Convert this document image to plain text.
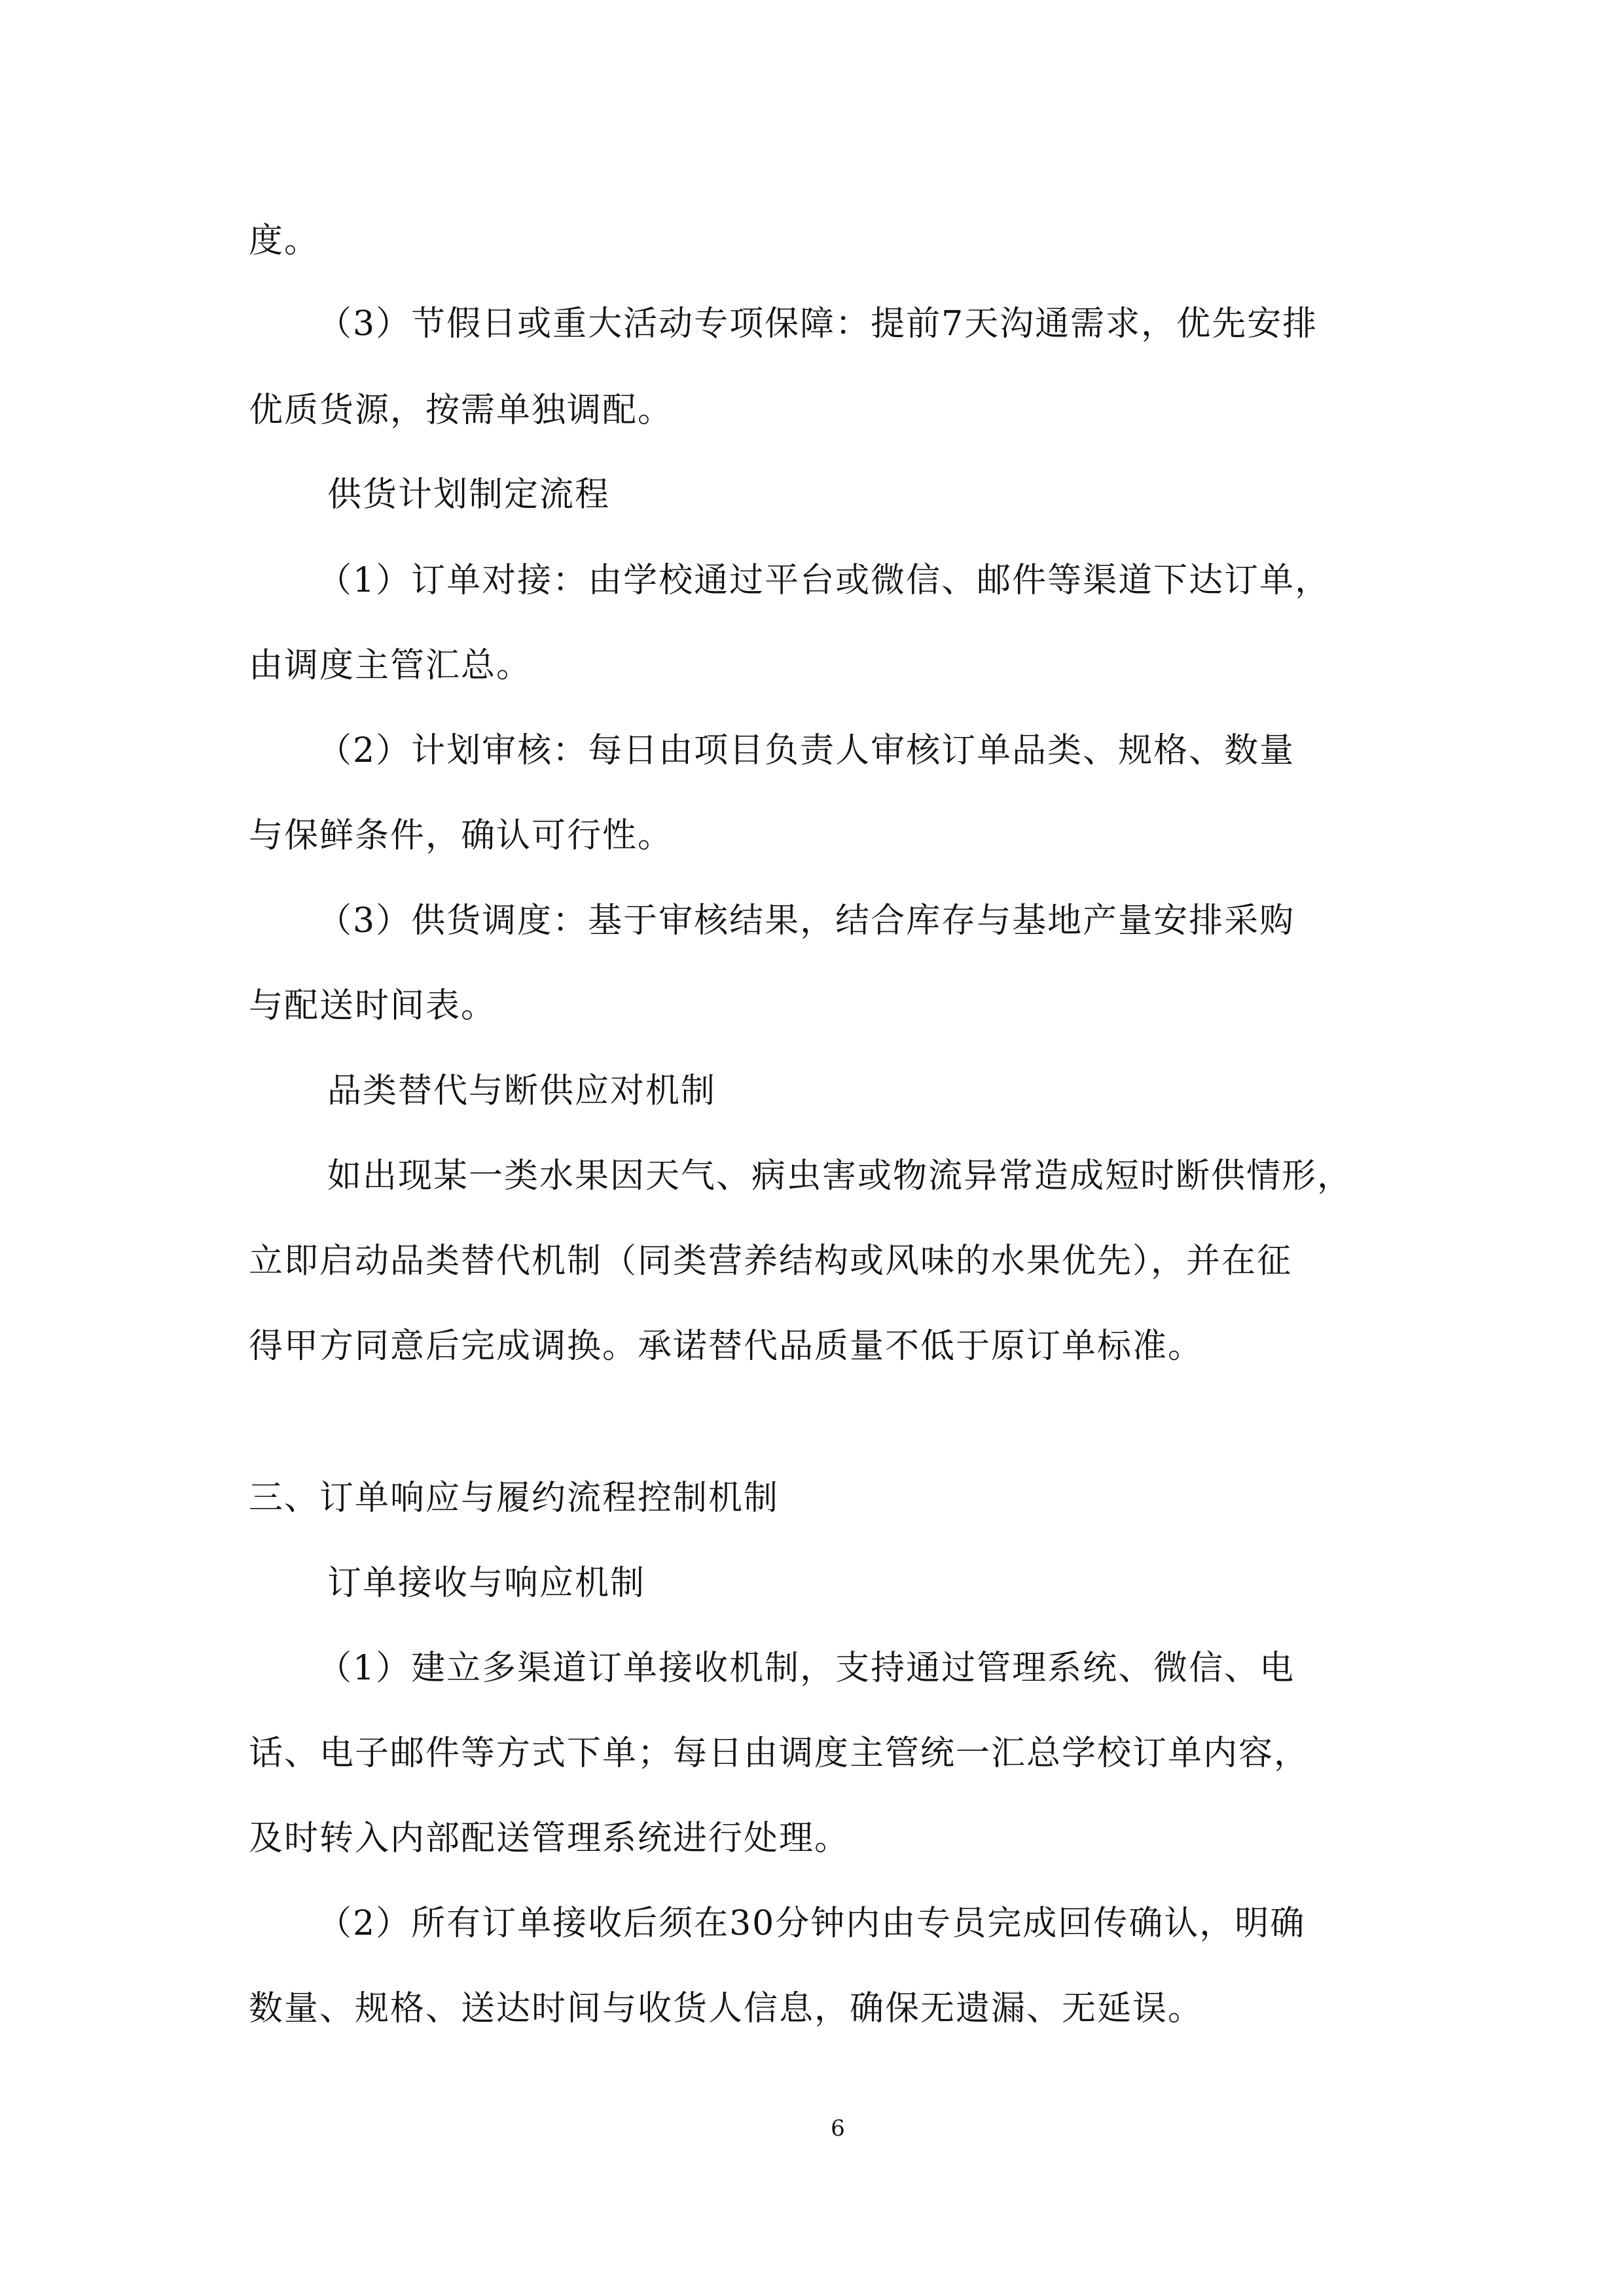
度。
（3）节假日或重大活动专项保障：提前7天沟通需求，优先安排
优质货源，按需单独调配。
供货计划制定流程
（1）订单对接：由学校通过平台或微信、邮件等渠道下达订单，
由调度主管汇总。
（2）计划审核：每日由项目负责人审核订单品类、规格、数量
与保鲜条件，确认可行性。
（3）供货调度：基于审核结果，结合库存与基地产量安排采购
与配送时间表。
品类替代与断供应对机制
如出现某一类水果因天气、病虫害或物流异常造成短时断供情形，
立即启动品类替代机制（同类营养结构或风味的水果优先），并在征
得甲方同意后完成调换。承诺替代品质量不低于原订单标准。
三、订单响应与履约流程控制机制
订单接收与响应机制
（1）建立多渠道订单接收机制，支持通过管理系统、微信、电
话、电子邮件等方式下单；每日由调度主管统一汇总学校订单内容，
及时转入内部配送管理系统进行处理。
（2）所有订单接收后须在30分钟内由专员完成回传确认，明确
数量、规格、送达时间与收货人信息，确保无遗漏、无延误。
6
